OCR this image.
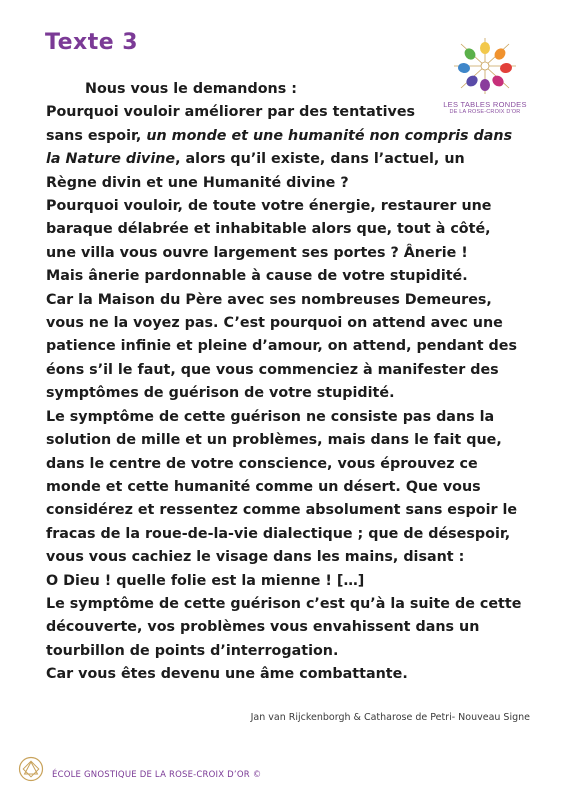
Texte 3
LES TABLES RONDES
DE LA ROSE-CROIX D'OR
Nous vous le demandons :
Pourquoi vouloir améliorer par des tentatives
sans espoir, un monde et une humanité non compris dans
la Nature divine, alors qu’il existe, dans l’actuel, un
Règne divin et une Humanité divine ?
Pourquoi vouloir, de toute votre énergie, restaurer une
baraque délabrée et inhabitable alors que, tout à côté,
une villa vous ouvre largement ses portes ? Ânerie !
Mais ânerie pardonnable à cause de votre stupidité.
Car la Maison du Père avec ses nombreuses Demeures,
vous ne la voyez pas. C’est pourquoi on attend avec une
patience infinie et pleine d’amour, on attend, pendant des
éons s’il le faut, que vous commenciez à manifester des
symptômes de guérison de votre stupidité.
Le symptôme de cette guérison ne consiste pas dans la
solution de mille et un problèmes, mais dans le fait que,
dans le centre de votre conscience, vous éprouvez ce
monde et cette humanité comme un désert. Que vous
considérez et ressentez comme absolument sans espoir le
fracas de la roue-de-la-vie dialectique ; que de désespoir,
vous vous cachiez le visage dans les mains, disant :
O Dieu ! quelle folie est la mienne ! […]
Le symptôme de cette guérison c’est qu’à la suite de cette
découverte, vos problèmes vous envahissent dans un
tourbillon de points d’interrogation.
Car vous êtes devenu une âme combattante.
Jan van Rijckenborgh & Catharose de Petri- Nouveau Signe
ÉCOLE GNOSTIQUE DE LA ROSE-CROIX D’OR ©
